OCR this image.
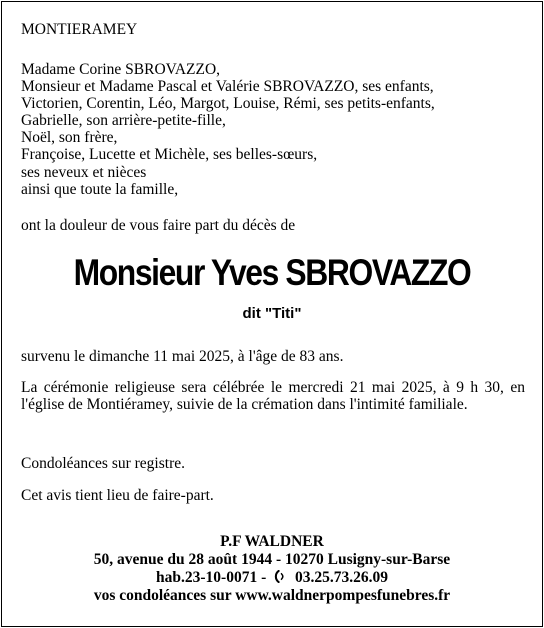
MONTIERAMEY
Madame Corine SBROVAZZO,
Monsieur et Madame Pascal et Valérie SBROVAZZO, ses enfants,
Victorien, Corentin, Léo, Margot, Louise, Rémi, ses petits-enfants,
Gabrielle, son arrière-petite-fille,
Noël, son frère,
Françoise, Lucette et Michèle, ses belles-sœurs,
ses neveux et nièces
ainsi que toute la famille,
ont la douleur de vous faire part du décès de
Monsieur Yves SBROVAZZO
dit "Titi"
survenu le dimanche 11 mai 2025, à l'âge de 83 ans.
La cérémonie religieuse sera célébrée le mercredi 21 mai 2025, à 9 h 30, en l'église de Montiéramey, suivie de la crémation dans l'intimité familiale.
Condoléances sur registre.
Cet avis tient lieu de faire-part.
P.F WALDNER
50, avenue du 28 août 1944 - 10270 Lusigny-sur-Barse
hab.23-10-0071 - 03.25.73.26.09
vos condoléances sur www.waldnerpompesfunebres.fr
